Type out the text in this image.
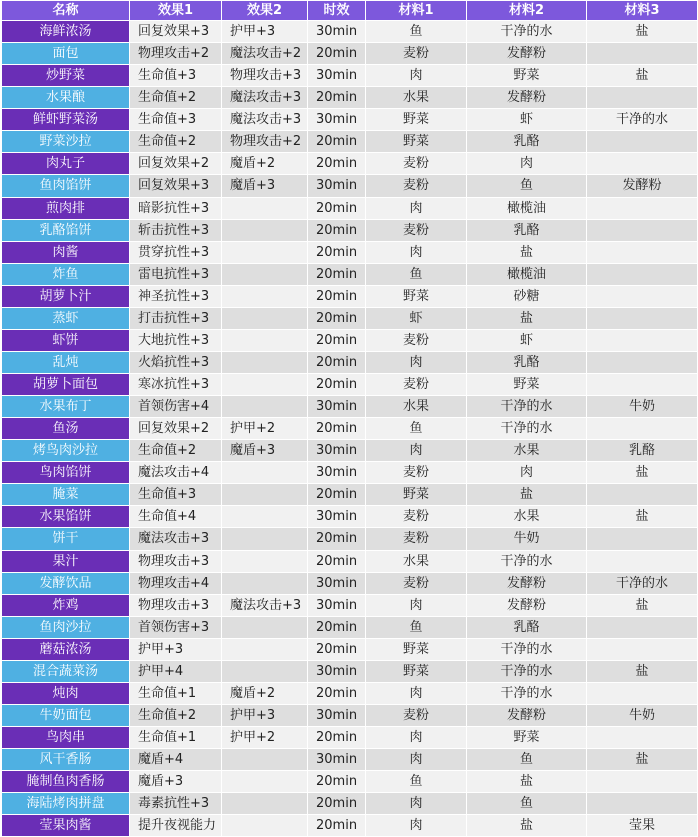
名称	效果1	效果2	时效	材料1	材料2	材料3
海鲜浓汤	回复效果+3	护甲+3	30min	鱼	干净的水	盐
面包	物理攻击+2	魔法攻击+2	20min	麦粉	发酵粉	
炒野菜	生命值+3	物理攻击+3	30min	肉	野菜	盐
水果酿	生命值+2	魔法攻击+3	20min	水果	发酵粉	
鲜虾野菜汤	生命值+3	魔法攻击+3	30min	野菜	虾	干净的水
野菜沙拉	生命值+2	物理攻击+2	20min	野菜	乳酪	
肉丸子	回复效果+2	魔盾+2	20min	麦粉	肉	
鱼肉馅饼	回复效果+3	魔盾+3	30min	麦粉	鱼	发酵粉
煎肉排	暗影抗性+3		20min	肉	橄榄油	
乳酪馅饼	斩击抗性+3		20min	麦粉	乳酪	
肉酱	贯穿抗性+3		20min	肉	盐	
炸鱼	雷电抗性+3		20min	鱼	橄榄油	
胡萝卜汁	神圣抗性+3		20min	野菜	砂糖	
蒸虾	打击抗性+3		20min	虾	盐	
虾饼	大地抗性+3		20min	麦粉	虾	
乱炖	火焰抗性+3		20min	肉	乳酪	
胡萝卜面包	寒冰抗性+3		20min	麦粉	野菜	
水果布丁	首领伤害+4		30min	水果	干净的水	牛奶
鱼汤	回复效果+2	护甲+2	20min	鱼	干净的水	
烤鸟肉沙拉	生命值+2	魔盾+3	30min	肉	水果	乳酪
鸟肉馅饼	魔法攻击+4		30min	麦粉	肉	盐
腌菜	生命值+3		20min	野菜	盐	
水果馅饼	生命值+4		30min	麦粉	水果	盐
饼干	魔法攻击+3		20min	麦粉	牛奶	
果汁	物理攻击+3		20min	水果	干净的水	
发酵饮品	物理攻击+4		30min	麦粉	发酵粉	干净的水
炸鸡	物理攻击+3	魔法攻击+3	30min	肉	发酵粉	盐
鱼肉沙拉	首领伤害+3		20min	鱼	乳酪	
蘑菇浓汤	护甲+3		20min	野菜	干净的水	
混合蔬菜汤	护甲+4		30min	野菜	干净的水	盐
炖肉	生命值+1	魔盾+2	20min	肉	干净的水	
牛奶面包	生命值+2	护甲+3	30min	麦粉	发酵粉	牛奶
鸟肉串	生命值+1	护甲+2	20min	肉	野菜	
风干香肠	魔盾+4		30min	肉	鱼	盐
腌制鱼肉香肠	魔盾+3		20min	鱼	盐	
海陆烤肉拼盘	毒素抗性+3		20min	肉	鱼	
莹果肉酱	提升夜视能力		20min	肉	盐	莹果
